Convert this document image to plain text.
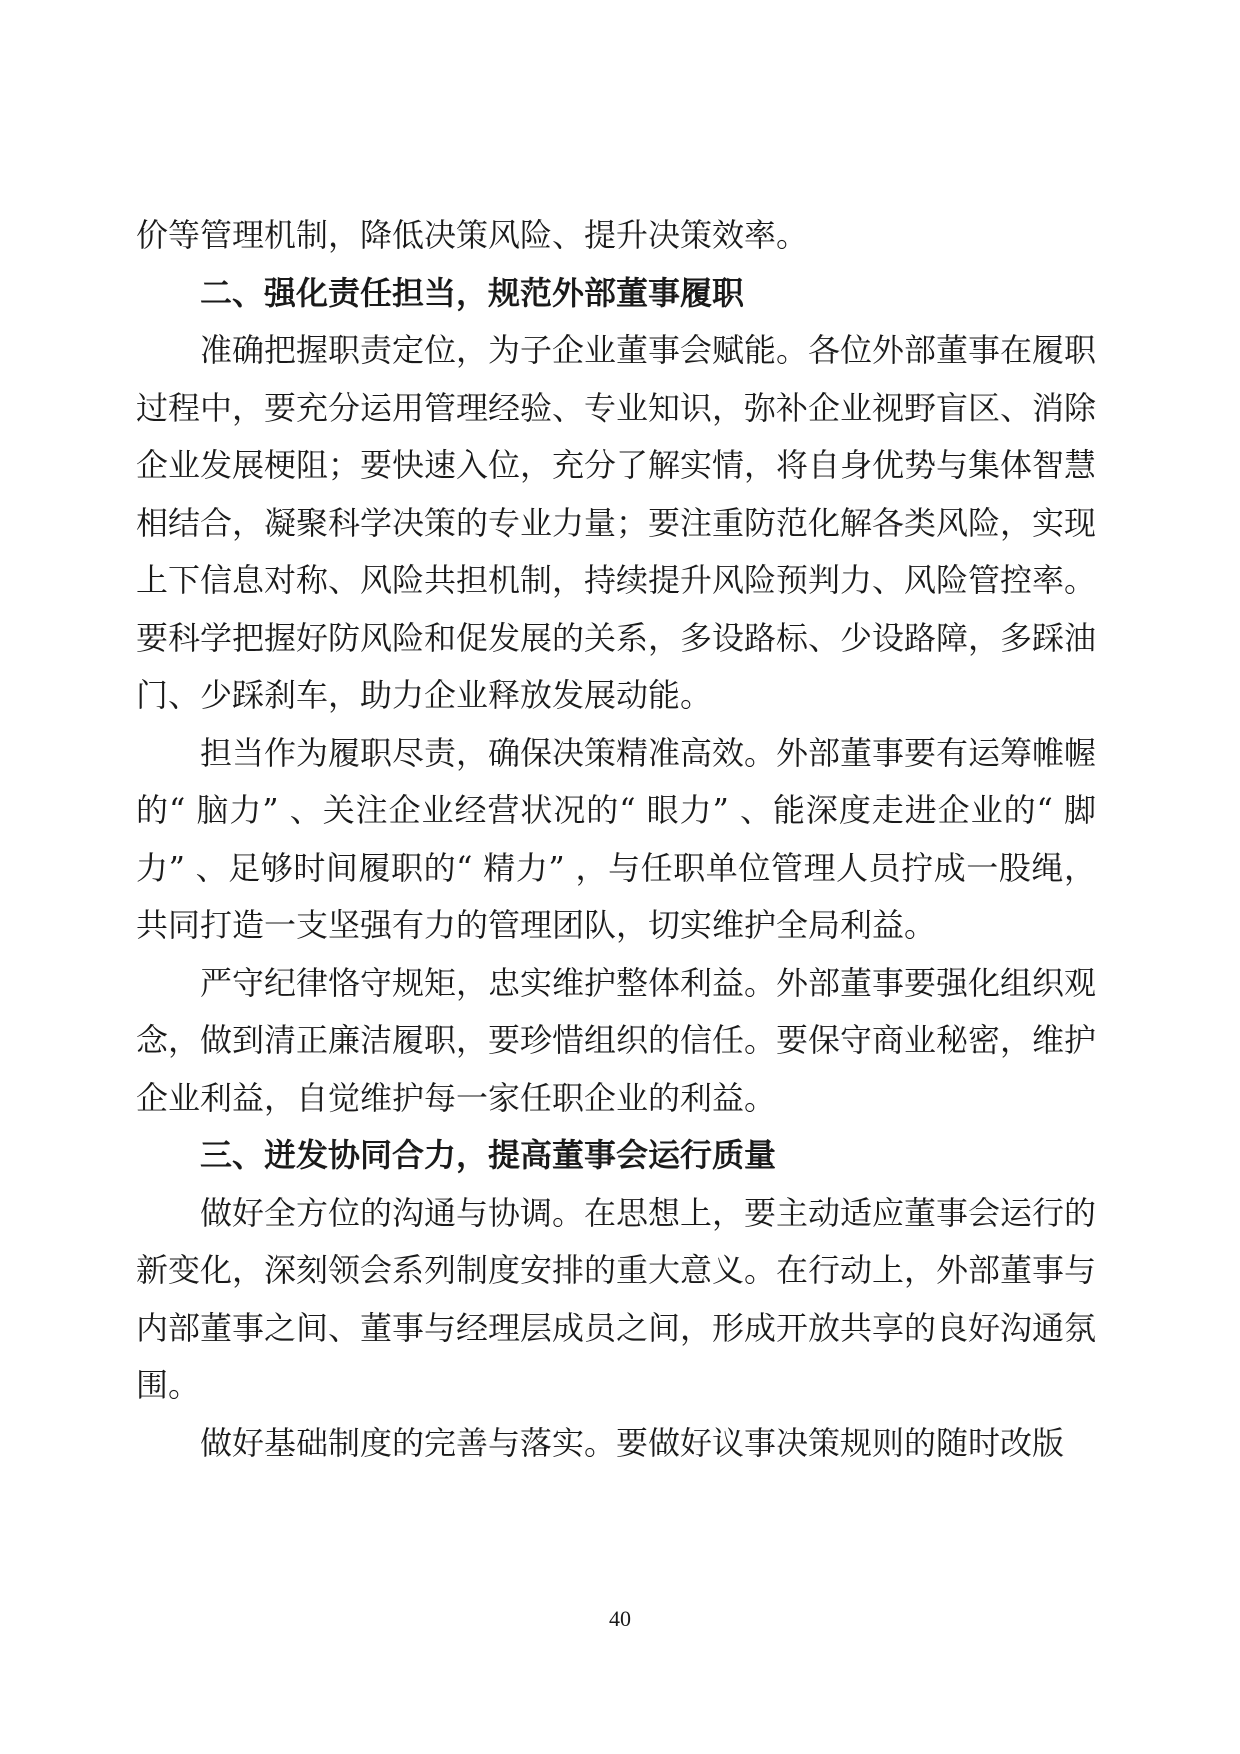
价等管理机制，降低决策风险、提升决策效率。

二、强化责任担当，规范外部董事履职

准确把握职责定位，为子企业董事会赋能。各位外部董事在履职过程中，要充分运用管理经验、专业知识，弥补企业视野盲区、消除企业发展梗阻；要快速入位，充分了解实情，将自身优势与集体智慧相结合，凝聚科学决策的专业力量；要注重防范化解各类风险，实现上下信息对称、风险共担机制，持续提升风险预判力、风险管控率。要科学把握好防风险和促发展的关系，多设路标、少设路障，多踩油门、少踩刹车，助力企业释放发展动能。

担当作为履职尽责，确保决策精准高效。外部董事要有运筹帷幄的“ 脑力” 、关注企业经营状况的“ 眼力” 、能深度走进企业的“ 脚力” 、足够时间履职的“ 精力” ，与任职单位管理人员拧成一股绳，共同打造一支坚强有力的管理团队，切实维护全局利益。

严守纪律恪守规矩，忠实维护整体利益。外部董事要强化组织观念，做到清正廉洁履职，要珍惜组织的信任。要保守商业秘密，维护企业利益，自觉维护每一家任职企业的利益。

三、迸发协同合力，提高董事会运行质量

做好全方位的沟通与协调。在思想上，要主动适应董事会运行的新变化，深刻领会系列制度安排的重大意义。在行动上，外部董事与内部董事之间、董事与经理层成员之间，形成开放共享的良好沟通氛围。

做好基础制度的完善与落实。要做好议事决策规则的随时改版

40
